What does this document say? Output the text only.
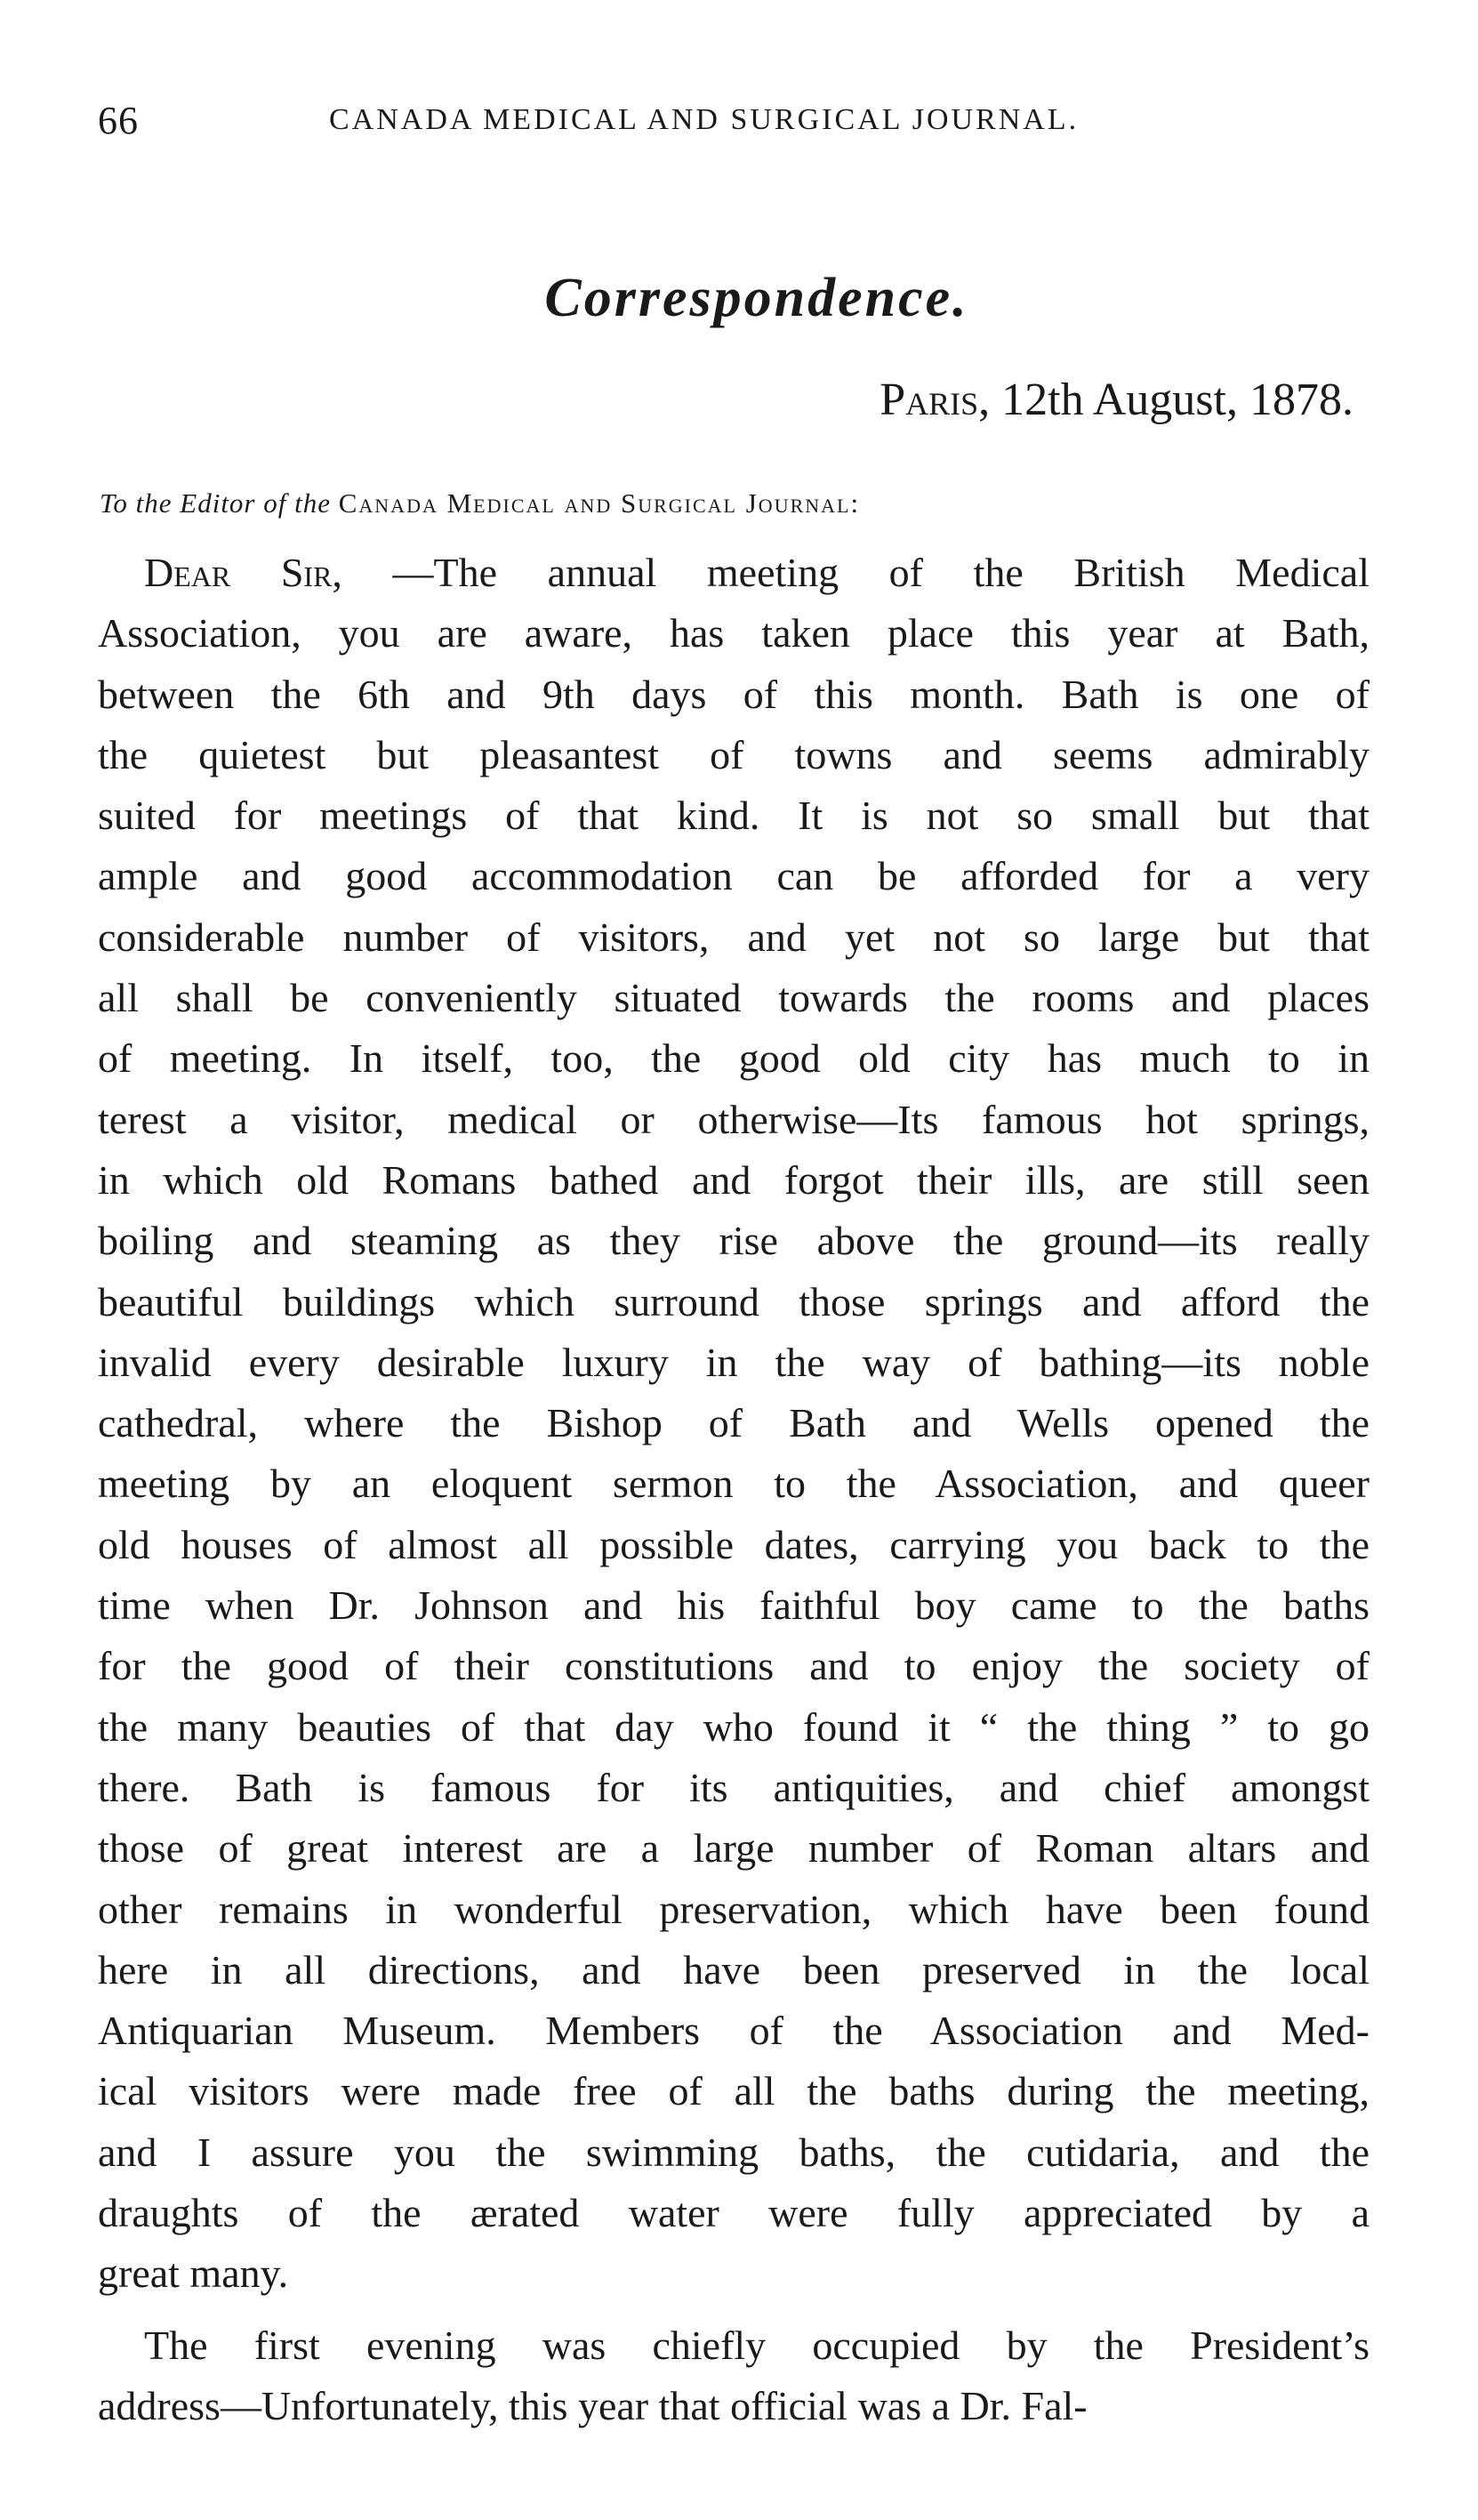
66	CANADA MEDICAL AND SURGICAL JOURNAL.
Correspondence.
Paris, 12th August, 1878.
To the Editor of the Canada Medical and Surgical Journal:
Dear Sir, —The annual meeting of the British Medical
Association, you are aware, has taken place this year at Bath,
between the 6th and 9th days of this month. Bath is one of
the quietest but pleasantest of towns and seems admirably
suited for meetings of that kind. It is not so small but that
ample and good accommodation can be afforded for a very
considerable number of visitors, and yet not so large but that
all shall be conveniently situated towards the rooms and places
of meeting. In itself, too, the good old city has much to in
terest a visitor, medical or otherwise—Its famous hot springs,
in which old Romans bathed and forgot their ills, are still seen
boiling and steaming as they rise above the ground—its really
beautiful buildings which surround those springs and afford the
invalid every desirable luxury in the way of bathing—its noble
cathedral, where the Bishop of Bath and Wells opened the
meeting by an eloquent sermon to the Association, and queer
old houses of almost all possible dates, carrying you back to the
time when Dr. Johnson and his faithful boy came to the baths
for the good of their constitutions and to enjoy the society of
the many beauties of that day who found it “ the thing ” to go
there. Bath is famous for its antiquities, and chief amongst
those of great interest are a large number of Roman altars and
other remains in wonderful preservation, which have been found
here in all directions, and have been preserved in the local
Antiquarian Museum. Members of the Association and Med-
ical visitors were made free of all the baths during the meeting,
and I assure you the swimming baths, the cutidaria, and the
draughts of the ærated water were fully appreciated by a
great many.
The first evening was chiefly occupied by the President’s
address—Unfortunately, this year that official was a Dr. Fal-
